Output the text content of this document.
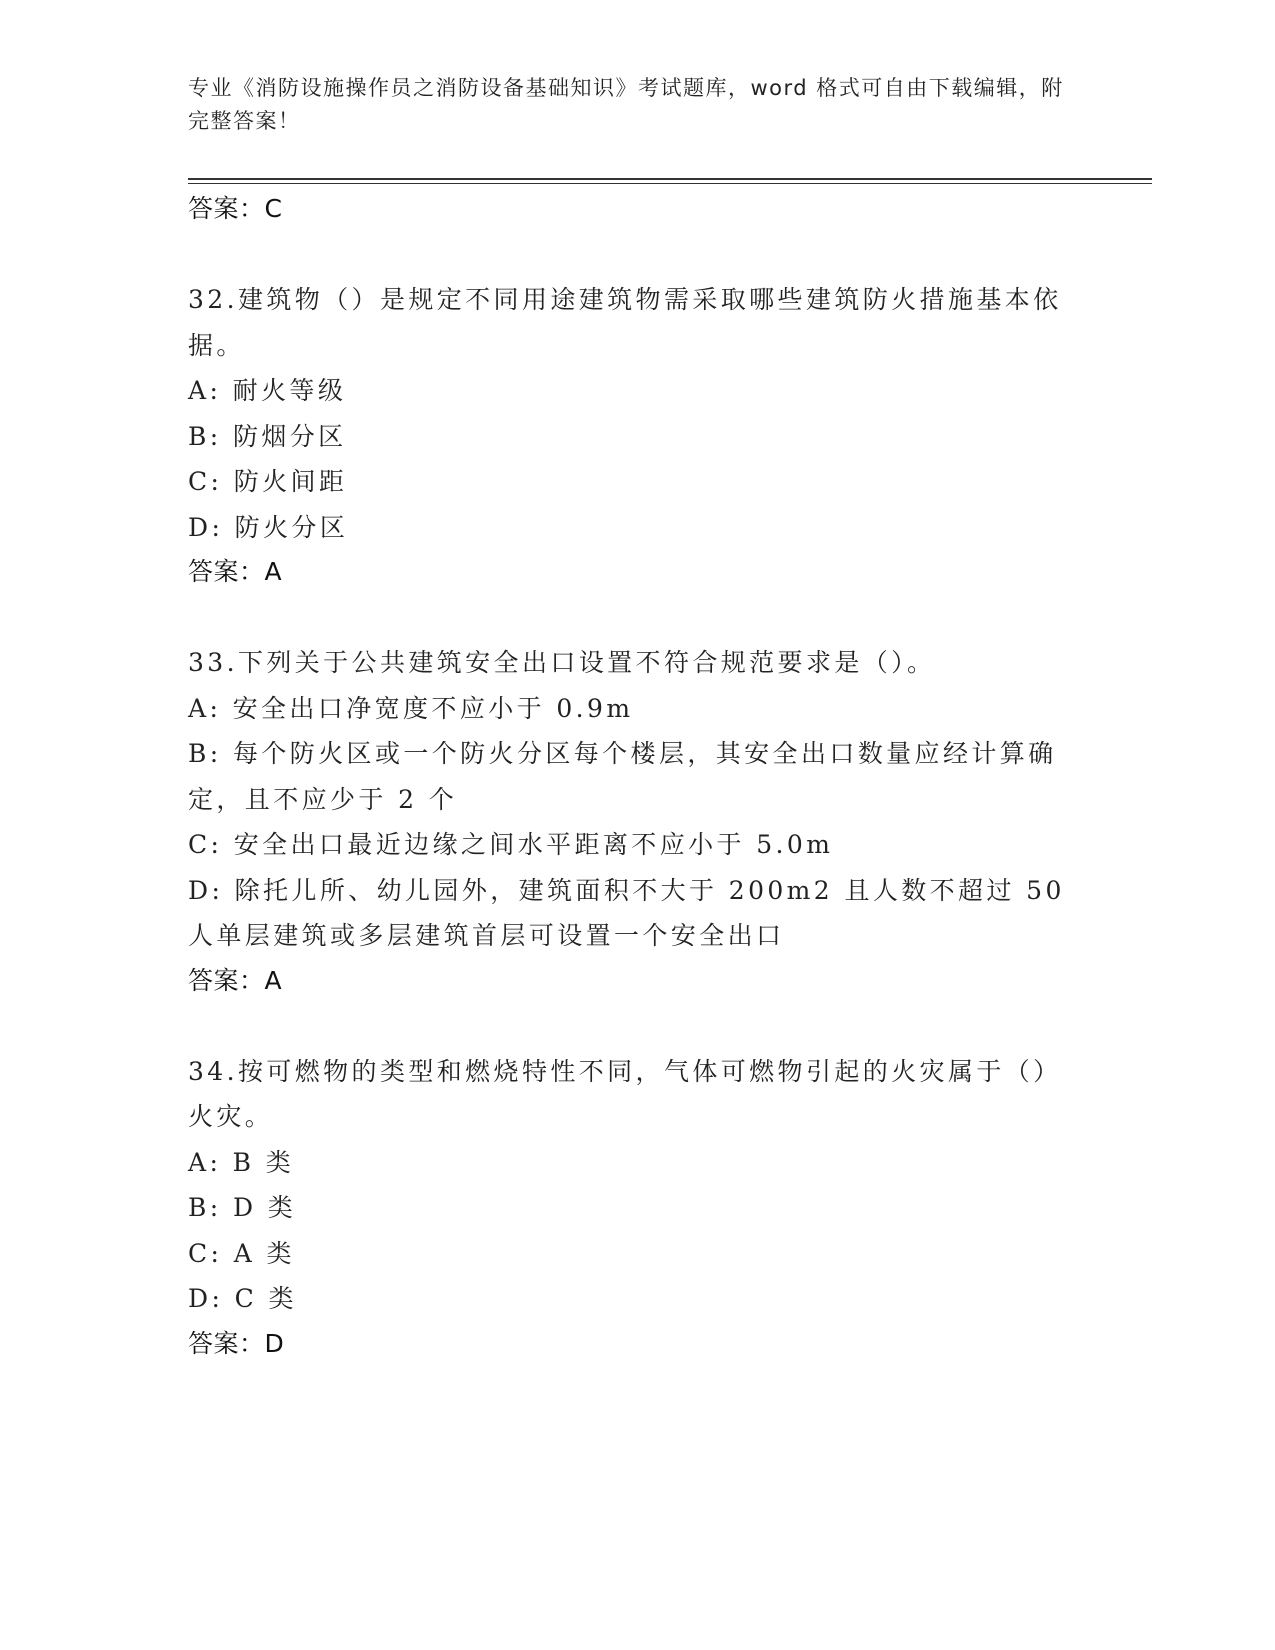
专业《消防设施操作员之消防设备基础知识》考试题库，word 格式可自由下载编辑，附完整答案！
答案：C
32.建筑物（）是规定不同用途建筑物需采取哪些建筑防火措施基本依据。
A: 耐火等级
B: 防烟分区
C: 防火间距
D: 防火分区
答案：A
33.下列关于公共建筑安全出口设置不符合规范要求是（）。
A: 安全出口净宽度不应小于 0.9m
B: 每个防火区或一个防火分区每个楼层，其安全出口数量应经计算确定，且不应少于 2 个
C: 安全出口最近边缘之间水平距离不应小于 5.0m
D: 除托儿所、幼儿园外，建筑面积不大于 200m2 且人数不超过 50 人单层建筑或多层建筑首层可设置一个安全出口
答案：A
34.按可燃物的类型和燃烧特性不同，气体可燃物引起的火灾属于（）火灾。
A: B 类
B: D 类
C: A 类
D: C 类
答案：D
